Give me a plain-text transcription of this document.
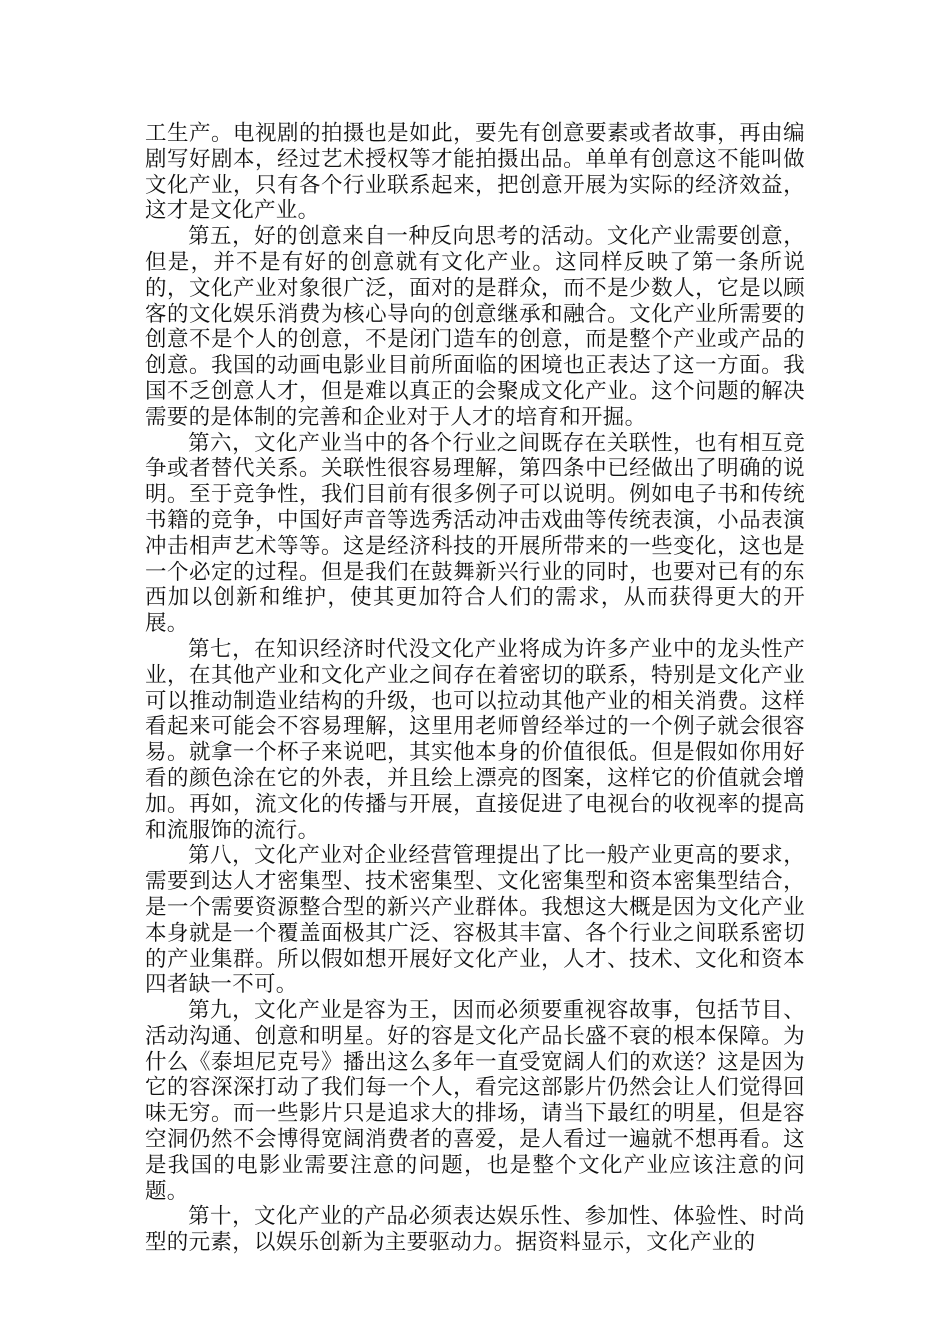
工生产。电视剧的拍摄也是如此，要先有创意要素或者故事，再由编剧写好剧本，经过艺术授权等才能拍摄出品。单单有创意这不能叫做文化产业，只有各个行业联系起来，把创意开展为实际的经济效益，这才是文化产业。

第五，好的创意来自一种反向思考的活动。文化产业需要创意，但是，并不是有好的创意就有文化产业。这同样反映了第一条所说的，文化产业对象很广泛，面对的是群众，而不是少数人，它是以顾客的文化娱乐消费为核心导向的创意继承和融合。文化产业所需要的创意不是个人的创意，不是闭门造车的创意，而是整个产业或产品的创意。我国的动画电影业目前所面临的困境也正表达了这一方面。我国不乏创意人才，但是难以真正的会聚成文化产业。这个问题的解决需要的是体制的完善和企业对于人才的培育和开掘。

第六，文化产业当中的各个行业之间既存在关联性，也有相互竞争或者替代关系。关联性很容易理解，第四条中已经做出了明确的说明。至于竞争性，我们目前有很多例子可以说明。例如电子书和传统书籍的竞争，中国好声音等选秀活动冲击戏曲等传统表演，小品表演冲击相声艺术等等。这是经济科技的开展所带来的一些变化，这也是一个必定的过程。但是我们在鼓舞新兴行业的同时，也要对已有的东西加以创新和维护，使其更加符合人们的需求，从而获得更大的开展。

第七，在知识经济时代没文化产业将成为许多产业中的龙头性产业，在其他产业和文化产业之间存在着密切的联系，特别是文化产业可以推动制造业结构的升级，也可以拉动其他产业的相关消费。这样看起来可能会不容易理解，这里用老师曾经举过的一个例子就会很容易。就拿一个杯子来说吧，其实他本身的价值很低。但是假如你用好看的颜色涂在它的外表，并且绘上漂亮的图案，这样它的价值就会增加。再如，流文化的传播与开展，直接促进了电视台的收视率的提高和流服饰的流行。

第八，文化产业对企业经营管理提出了比一般产业更高的要求，需要到达人才密集型、技术密集型、文化密集型和资本密集型结合，是一个需要资源整合型的新兴产业群体。我想这大概是因为文化产业本身就是一个覆盖面极其广泛、容极其丰富、各个行业之间联系密切的产业集群。所以假如想开展好文化产业，人才、技术、文化和资本四者缺一不可。

第九，文化产业是容为王，因而必须要重视容故事，包括节目、活动沟通、创意和明星。好的容是文化产品长盛不衰的根本保障。为什么《泰坦尼克号》播出这么多年一直受宽阔人们的欢送？这是因为它的容深深打动了我们每一个人，看完这部影片仍然会让人们觉得回味无穷。而一些影片只是追求大的排场，请当下最红的明星，但是容空洞仍然不会博得宽阔消费者的喜爱，是人看过一遍就不想再看。这是我国的电影业需要注意的问题，也是整个文化产业应该注意的问题。

第十，文化产业的产品必须表达娱乐性、参加性、体验性、时尚型的元素，以娱乐创新为主要驱动力。据资料显示，文化产业的
